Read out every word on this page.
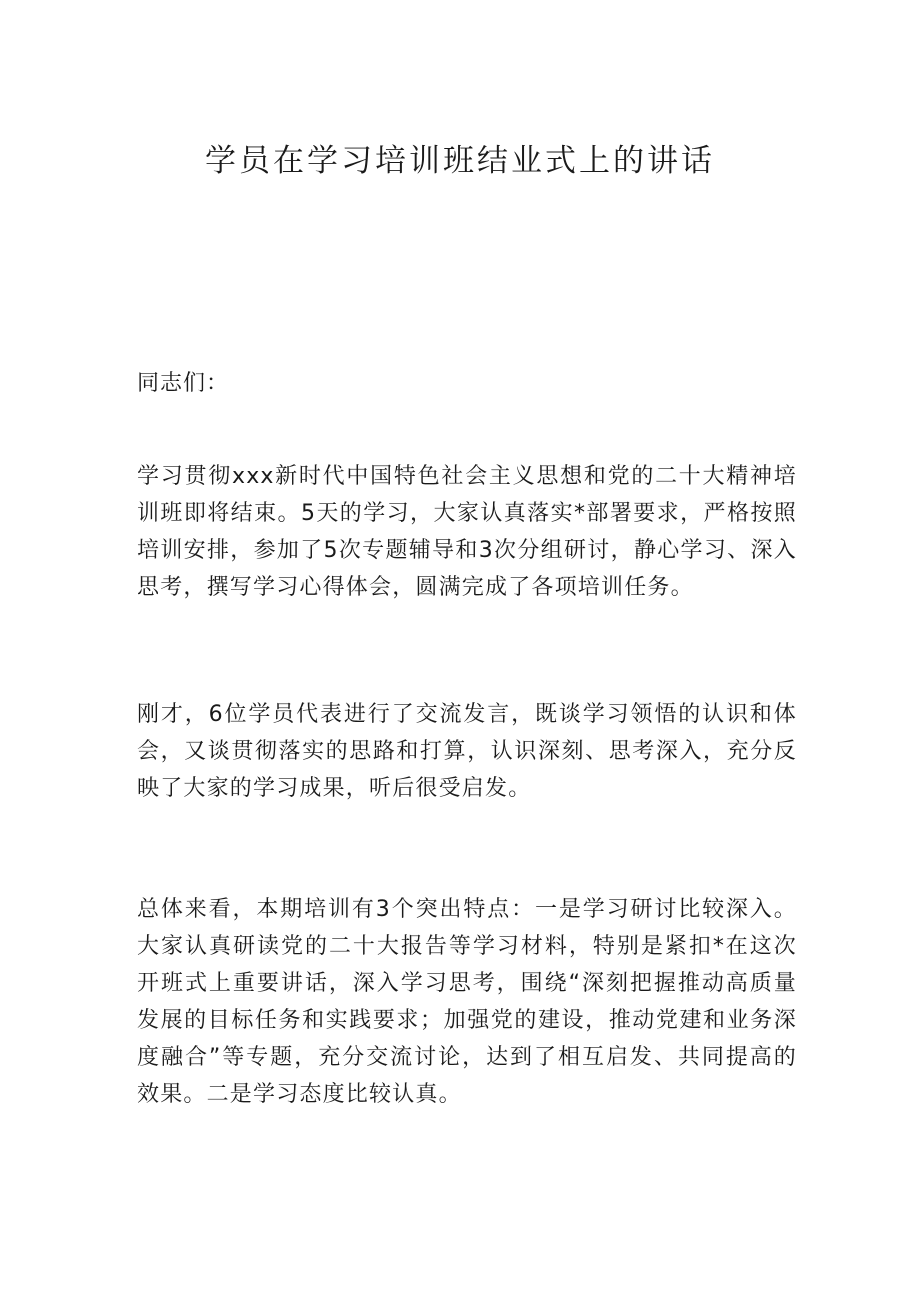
学员在学习培训班结业式上的讲话

同志们：

学习贯彻xxx新时代中国特色社会主义思想和党的二十大精神培训班即将结束。5天的学习，大家认真落实*部署要求，严格按照培训安排，参加了5次专题辅导和3次分组研讨，静心学习、深入思考，撰写学习心得体会，圆满完成了各项培训任务。

刚才，6位学员代表进行了交流发言，既谈学习领悟的认识和体会，又谈贯彻落实的思路和打算，认识深刻、思考深入，充分反映了大家的学习成果，听后很受启发。

总体来看，本期培训有3个突出特点：一是学习研讨比较深入。大家认真研读党的二十大报告等学习材料，特别是紧扣*在这次开班式上重要讲话，深入学习思考，围绕“深刻把握推动高质量发展的目标任务和实践要求；加强党的建设，推动党建和业务深度融合”等专题，充分交流讨论，达到了相互启发、共同提高的效果。二是学习态度比较认真。
